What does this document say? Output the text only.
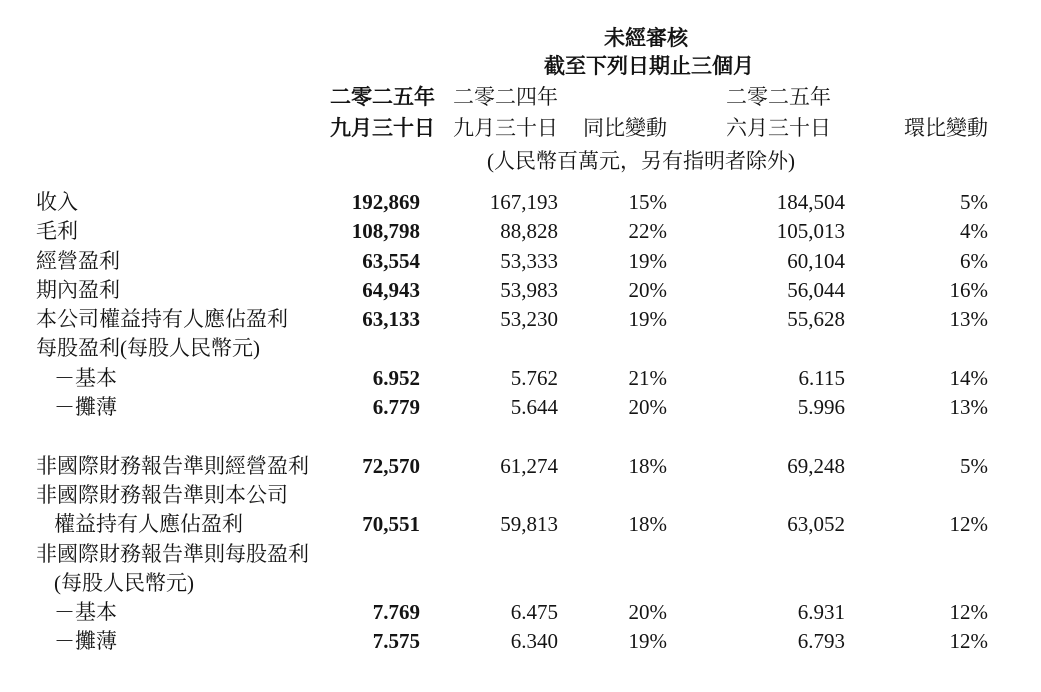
未經審核
截至下列日期止三個月
(人民幣百萬元，另有指明者除外)
	二零二五年	二零二四年		二零二五年	
	九月三十日	九月三十日	同比變動	六月三十日	環比變動

收入	192,869	167,193	15%	184,504	5%
毛利	108,798	88,828	22%	105,013	4%
經營盈利	63,554	53,333	19%	60,104	6%
期內盈利	64,943	53,983	20%	56,044	16%
本公司權益持有人應佔盈利	63,133	53,230	19%	55,628	13%
每股盈利(每股人民幣元)					
－基本	6.952	5.762	21%	6.115	14%
－攤薄	6.779	5.644	20%	5.996	13%

非國際財務報告準則經營盈利	72,570	61,274	18%	69,248	5%
非國際財務報告準則本公司					
權益持有人應佔盈利	70,551	59,813	18%	63,052	12%
非國際財務報告準則每股盈利					
(每股人民幣元)					
－基本	7.769	6.475	20%	6.931	12%
－攤薄	7.575	6.340	19%	6.793	12%
